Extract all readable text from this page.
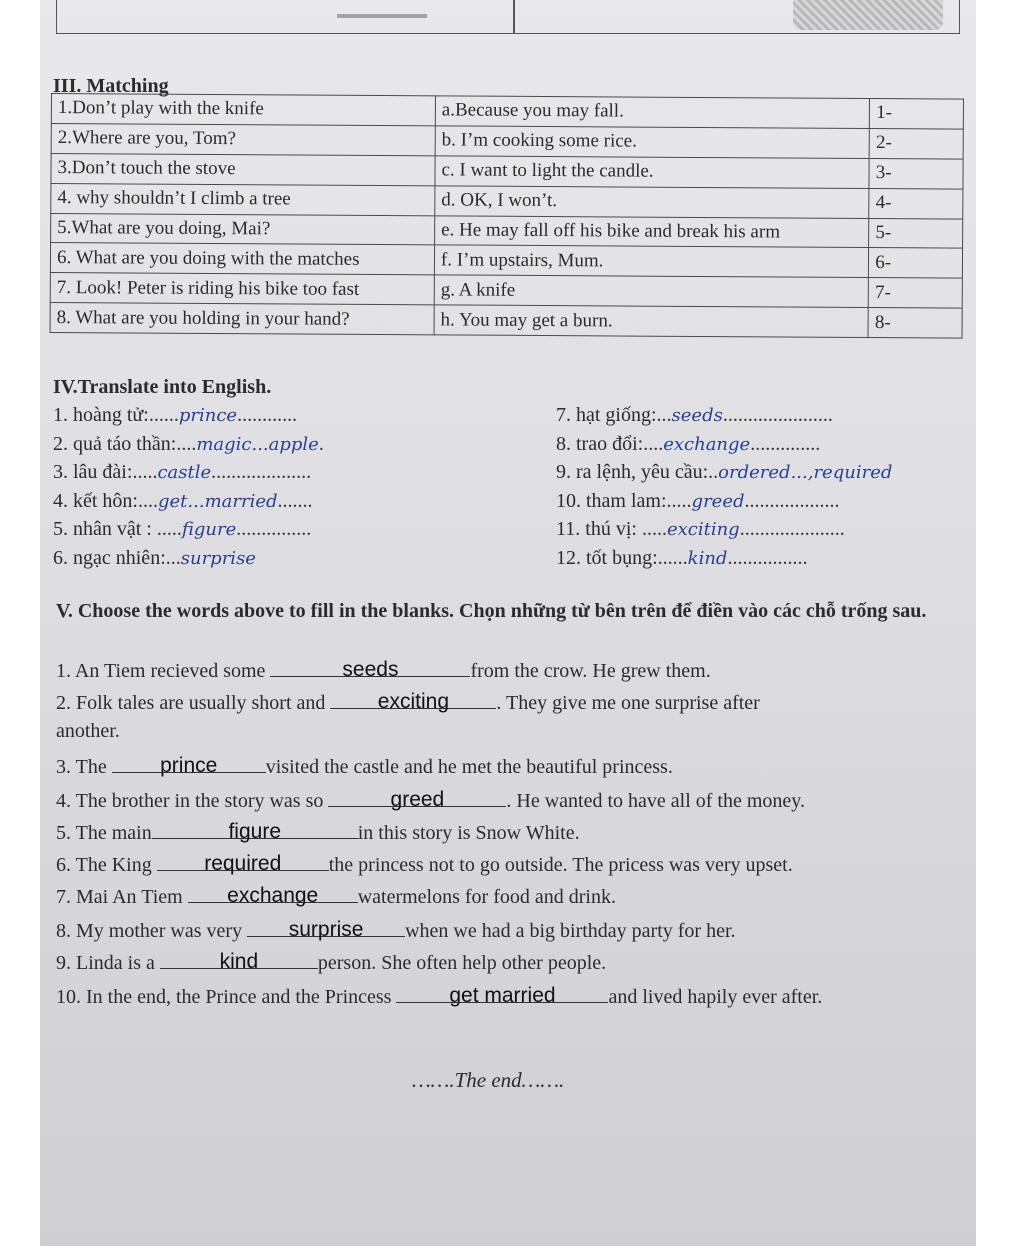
III. Matching
1.Don’t play with the knife	a.Because you may fall.	1-
2.Where are you, Tom?	b. I’m cooking some rice.	2-
3.Don’t touch the stove	c. I want to light the candle.	3-
4. why shouldn’t I climb a tree	d. OK, I won’t.	4-
5.What are you doing, Mai?	e. He may fall off his bike and break his arm	5-
6. What are you doing with the matches	f. I’m upstairs, Mum.	6-
7. Look! Peter is riding his bike too fast	g. A knife	7-
8. What are you holding in your hand?	h. You may get a burn.	8-
IV.Translate into English.
1. hoàng tử:......prince............
2. quả táo thần:....magic...apple.
3. lâu đài:.....castle....................
4. kết hôn:....get...married.......
5. nhân vật : .....figure...............
6. ngạc nhiên:...surprise
7. hạt giống:...seeds......................
8. trao đổi:....exchange..............
9. ra lệnh, yêu cầu:..ordered...,required
10. tham lam:.....greed...................
11. thú vị: .....exciting.....................
12. tốt bụng:......kind................
V. Choose the words above to fill in the blanks. Chọn những từ bên trên để điền vào các chỗ trống sau.
1. An Tiem recieved some	seeds	from the crow. He grew them.
2. Folk tales are usually short and	exciting	. They give me one surprise after
another.
3. The	prince	visited the castle and he met the beautiful princess.
4. The brother in the story was so	greed	. He wanted to have all of the money.
5. The main	figure	in this story is Snow White.
6. The King	required	the princess not to go outside. The pricess was very upset.
7. Mai An Tiem	exchange	watermelons for food and drink.
8. My mother was very	surprise	when we had a big birthday party for her.
9. Linda is a	kind	person. She often help other people.
10. In the end, the Prince and the Princess	get married	and lived hapily ever after.
…….The end…….
